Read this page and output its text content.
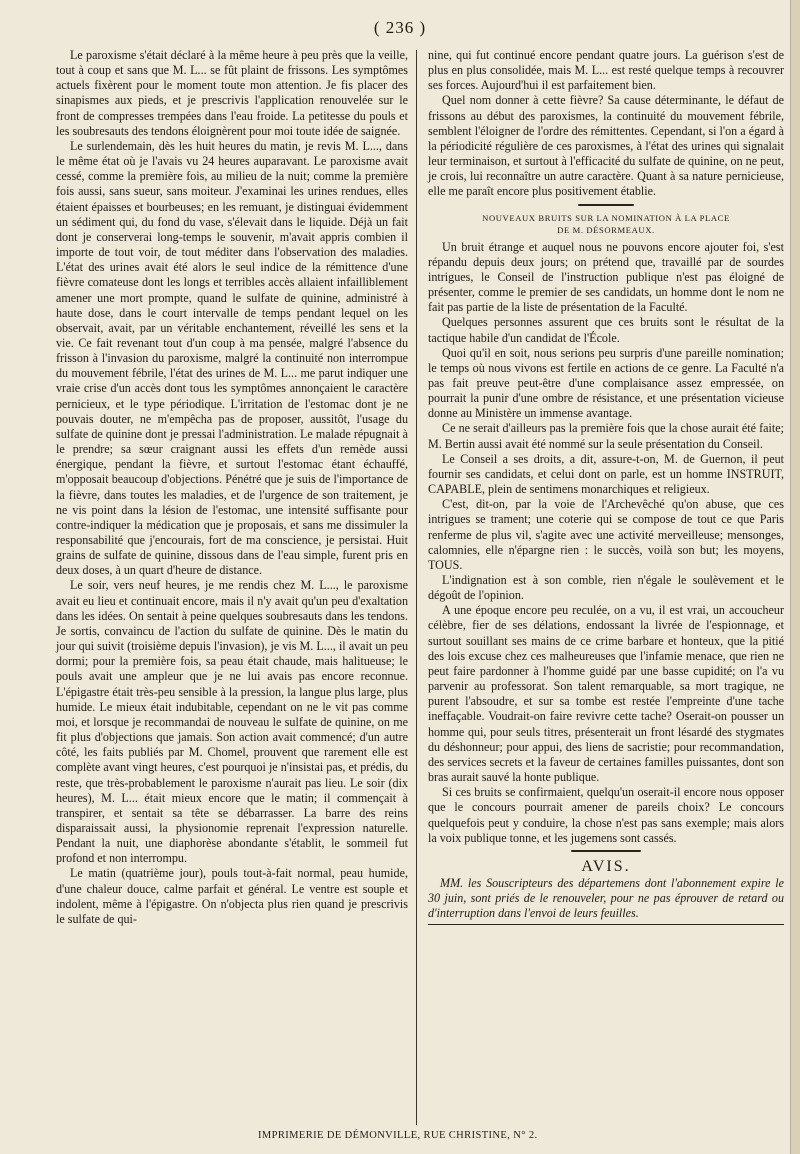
( 236 )

Le paroxisme s'était déclaré à la même heure à peu près que la veille, tout à coup et sans que M. L... se fût plaint de frissons. Les symptômes actuels fixèrent pour le moment toute mon attention. Je fis placer des sinapismes aux pieds, et je prescrivis l'application renouvelée sur le front de compresses trempées dans l'eau froide. La petitesse du pouls et les soubresauts des tendons éloignèrent pour moi toute idée de saignée.

Le surlendemain, dès les huit heures du matin, je revis M. L..., dans le même état où je l'avais vu 24 heures auparavant. Le paroxisme avait cessé, comme la première fois, au milieu de la nuit; comme la première fois aussi, sans sueur, sans moiteur. J'examinai les urines rendues, elles étaient épaisses et bourbeuses; en les remuant, je distinguai évidemment un sédiment qui, du fond du vase, s'élevait dans le liquide. Déjà un fait dont je conserverai long-temps le souvenir, m'avait appris combien il importe de tout voir, de tout méditer dans l'observation des maladies. L'état des urines avait été alors le seul indice de la rémittence d'une fièvre comateuse dont les longs et terribles accès allaient infailliblement amener une mort prompte, quand le sulfate de quinine, administré à haute dose, dans le court intervalle de temps pendant lequel on les observait, avait, par un véritable enchantement, réveillé les sens et la vie. Ce fait revenant tout d'un coup à ma pensée, malgré l'absence du frisson à l'invasion du paroxisme, malgré la continuité non interrompue du mouvement fébrile, l'état des urines de M. L... me parut indiquer une vraie crise d'un accès dont tous les symptômes annonçaient le caractère pernicieux, et le type périodique. L'irritation de l'estomac dont je ne pouvais douter, ne m'empêcha pas de proposer, aussitôt, l'usage du sulfate de quinine dont je pressai l'administration. Le malade répugnait à le prendre; sa sœur craignant aussi les effets d'un remède aussi énergique, pendant la fièvre, et surtout l'estomac étant échauffé, m'opposait beaucoup d'objections. Pénétré que je suis de l'importance de la fièvre, dans toutes les maladies, et de l'urgence de son traitement, je ne vis point dans la lésion de l'estomac, une intensité suffisante pour contre-indiquer la médication que je proposais, et sans me dissimuler la responsabilité que j'encourais, fort de ma conscience, je persistai. Huit grains de sulfate de quinine, dissous dans de l'eau simple, furent pris en deux doses, à un quart d'heure de distance.

Le soir, vers neuf heures, je me rendis chez M. L..., le paroxisme avait eu lieu et continuait encore, mais il n'y avait qu'un peu d'exaltation dans les idées. On sentait à peine quelques soubresauts dans les tendons. Je sortis, convaincu de l'action du sulfate de quinine. Dès le matin du jour qui suivit (troisième depuis l'invasion), je vis M. L..., il avait un peu dormi; pour la première fois, sa peau était chaude, mais halitueuse; le pouls avait une ampleur que je ne lui avais pas encore reconnue. L'épigastre était très-peu sensible à la pression, la langue plus large, plus humide. Le mieux était indubitable, cependant on ne le vit pas comme moi, et lorsque je recommandai de nouveau le sulfate de quinine, on me fit plus d'objections que jamais. Son action avait commencé; d'un autre côté, les faits publiés par M. Chomel, prouvent que rarement elle est complète avant vingt heures, c'est pourquoi je n'insistai pas, et prédis, du reste, que très-probablement le paroxisme n'aurait pas lieu. Le soir (dix heures), M. L... était mieux encore que le matin; il commençait à transpirer, et sentait sa tête se débarrasser. La barre des reins disparaissait aussi, la physionomie reprenait l'expression naturelle. Pendant la nuit, une diaphorèse abondante s'établit, le sommeil fut profond et non interrompu.

Le matin (quatrième jour), pouls tout-à-fait normal, peau humide, d'une chaleur douce, calme parfait et général. Le ventre est souple et indolent, même à l'épigastre. On n'objecta plus rien quand je prescrivis le sulfate de qui-

nine, qui fut continué encore pendant quatre jours. La guérison s'est de plus en plus consolidée, mais M. L... est resté quelque temps à recouvrer ses forces. Aujourd'hui il est parfaitement bien.

Quel nom donner à cette fièvre? Sa cause déterminante, le défaut de frissons au début des paroxismes, la continuité du mouvement fébrile, semblent l'éloigner de l'ordre des rémittentes. Cependant, si l'on a égard à la périodicité régulière de ces paroxismes, à l'état des urines qui signalait leur terminaison, et surtout à l'efficacité du sulfate de quinine, on ne peut, je crois, lui reconnaître un autre caractère. Quant à sa nature pernicieuse, elle me paraît encore plus positivement établie.

NOUVEAUX BRUITS SUR LA NOMINATION À LA PLACE
DE M. DÉSORMEAUX.

Un bruit étrange et auquel nous ne pouvons encore ajouter foi, s'est répandu depuis deux jours; on prétend que, travaillé par de sourdes intrigues, le Conseil de l'instruction publique n'est pas éloigné de présenter, comme le premier de ses candidats, un homme dont le nom ne fait pas partie de la liste de présentation de la Faculté.

Quelques personnes assurent que ces bruits sont le résultat de la tactique habile d'un candidat de l'École.

Quoi qu'il en soit, nous serions peu surpris d'une pareille nomination; le temps où nous vivons est fertile en actions de ce genre. La Faculté n'a pas fait preuve peut-être d'une complaisance assez empressée, on pourrait la punir d'une ombre de résistance, et une présentation vicieuse donne au Ministère un immense avantage.

Ce ne serait d'ailleurs pas la première fois que la chose aurait été faite; M. Bertin aussi avait été nommé sur la seule présentation du Conseil.

Le Conseil a ses droits, a dit, assure-t-on, M. de Guernon, il peut fournir ses candidats, et celui dont on parle, est un homme INSTRUIT, CAPABLE, plein de sentimens monarchiques et religieux.

C'est, dit-on, par la voie de l'Archevêché qu'on abuse, que ces intrigues se trament; une coterie qui se compose de tout ce que Paris renferme de plus vil, s'agite avec une activité merveilleuse; mensonges, calomnies, elle n'épargne rien : le succès, voilà son but; les moyens, TOUS.

L'indignation est à son comble, rien n'égale le soulèvement et le dégoût de l'opinion.

A une époque encore peu reculée, on a vu, il est vrai, un accoucheur célèbre, fier de ses délations, endossant la livrée de l'espionnage, et surtout souillant ses mains de ce crime barbare et honteux, que la pitié des lois excuse chez ces malheureuses que l'infamie menace, que rien ne peut faire pardonner à l'homme guidé par une basse cupidité; on l'a vu parvenir au professorat. Son talent remarquable, sa mort tragique, ne purent l'absoudre, et sur sa tombe est restée l'empreinte d'une tache ineffaçable. Voudrait-on faire revivre cette tache? Oserait-on pousser un homme qui, pour seuls titres, présenterait un front lésardé des stygmates du déshonneur; pour appui, des liens de sacristie; pour recommandation, des services secrets et la faveur de certaines familles puissantes, dont son bras aurait sauvé la honte publique.

Si ces bruits se confirmaient, quelqu'un oserait-il encore nous opposer que le concours pourrait amener de pareils choix? Le concours quelquefois peut y conduire, la chose n'est pas sans exemple; mais alors la voix publique tonne, et les jugemens sont cassés.

AVIS.

MM. les Souscripteurs des départemens dont l'abonnement expire le 30 juin, sont priés de le renouveler, pour ne pas éprouver de retard ou d'interruption dans l'envoi de leurs feuilles.

IMPRIMERIE DE DÉMONVILLE, RUE CHRISTINE, N° 2.
